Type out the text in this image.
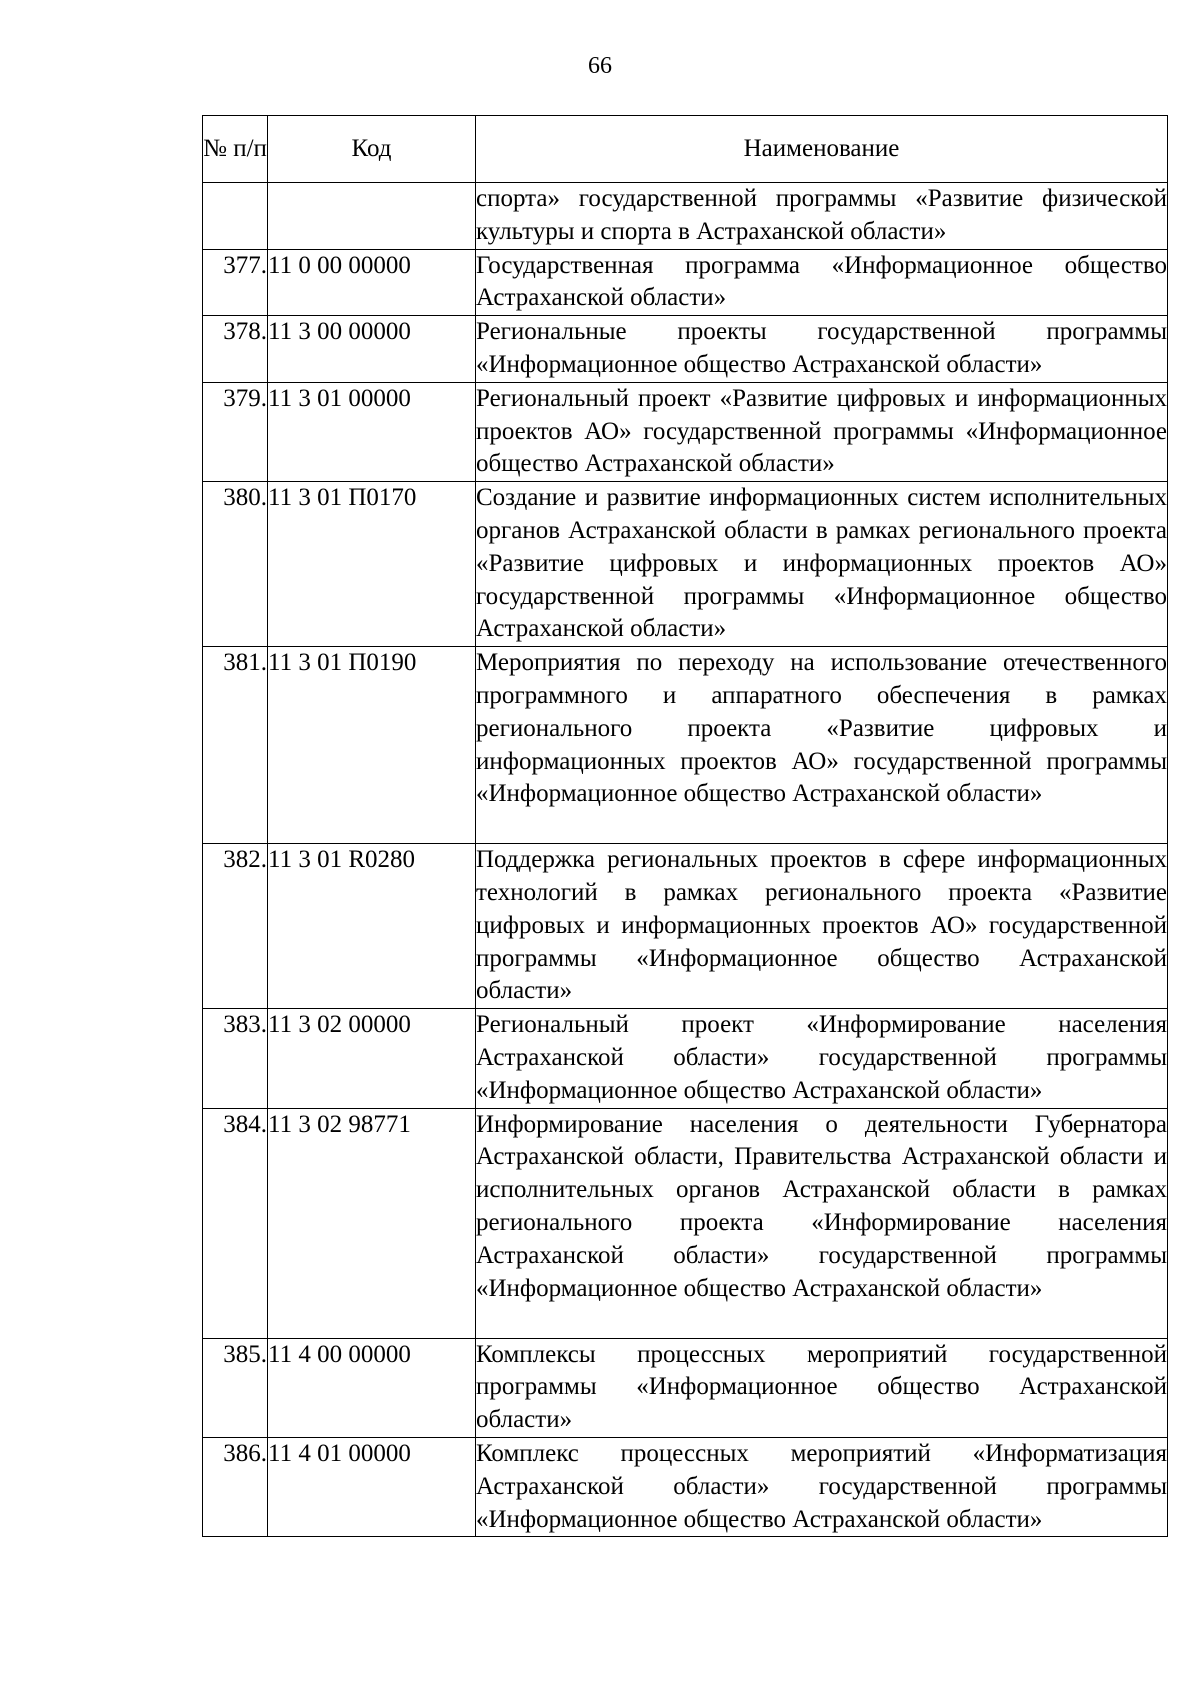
66
№ п/п	Код	Наименование
		спорта» государственной программы «Развитие физической культуры и спорта в Астраханской области»
377.	11 0 00 00000	Государственная программа «Информационное общество Астраханской области»
378.	11 3 00 00000	Региональные проекты государственной программы «Информационное общество Астраханской области»
379.	11 3 01 00000	Региональный проект «Развитие цифровых и информационных проектов АО» государственной программы «Информационное общество Астраханской области»
380.	11 3 01 П0170	Создание и развитие информационных систем исполнительных органов Астраханской области в рамках регионального проекта «Развитие цифровых и информационных проектов АО» государственной программы «Информационное общество Астраханской области»
381.	11 3 01 П0190	Мероприятия по переходу на использование отечественного программного и аппаратного обеспечения в рамках регионального проекта «Развитие цифровых и информационных проектов АО» государственной программы «Информационное общество Астраханской области»
382.	11 3 01 R0280	Поддержка региональных проектов в сфере информационных технологий в рамках регионального проекта «Развитие цифровых и информационных проектов АО» государственной программы «Информационное общество Астраханской области»
383.	11 3 02 00000	Региональный проект «Информирование населения Астраханской области» государственной программы «Информационное общество Астраханской области»
384.	11 3 02 98771	Информирование населения о деятельности Губернатора Астраханской области, Правительства Астраханской области и исполнительных органов Астраханской области в рамках регионального проекта «Информирование населения Астраханской области» государственной программы «Информационное общество Астраханской области»
385.	11 4 00 00000	Комплексы процессных мероприятий государственной программы «Информационное общество Астраханской области»
386.	11 4 01 00000	Комплекс процессных мероприятий «Информатизация Астраханской области» государственной программы «Информационное общество Астраханской области»
